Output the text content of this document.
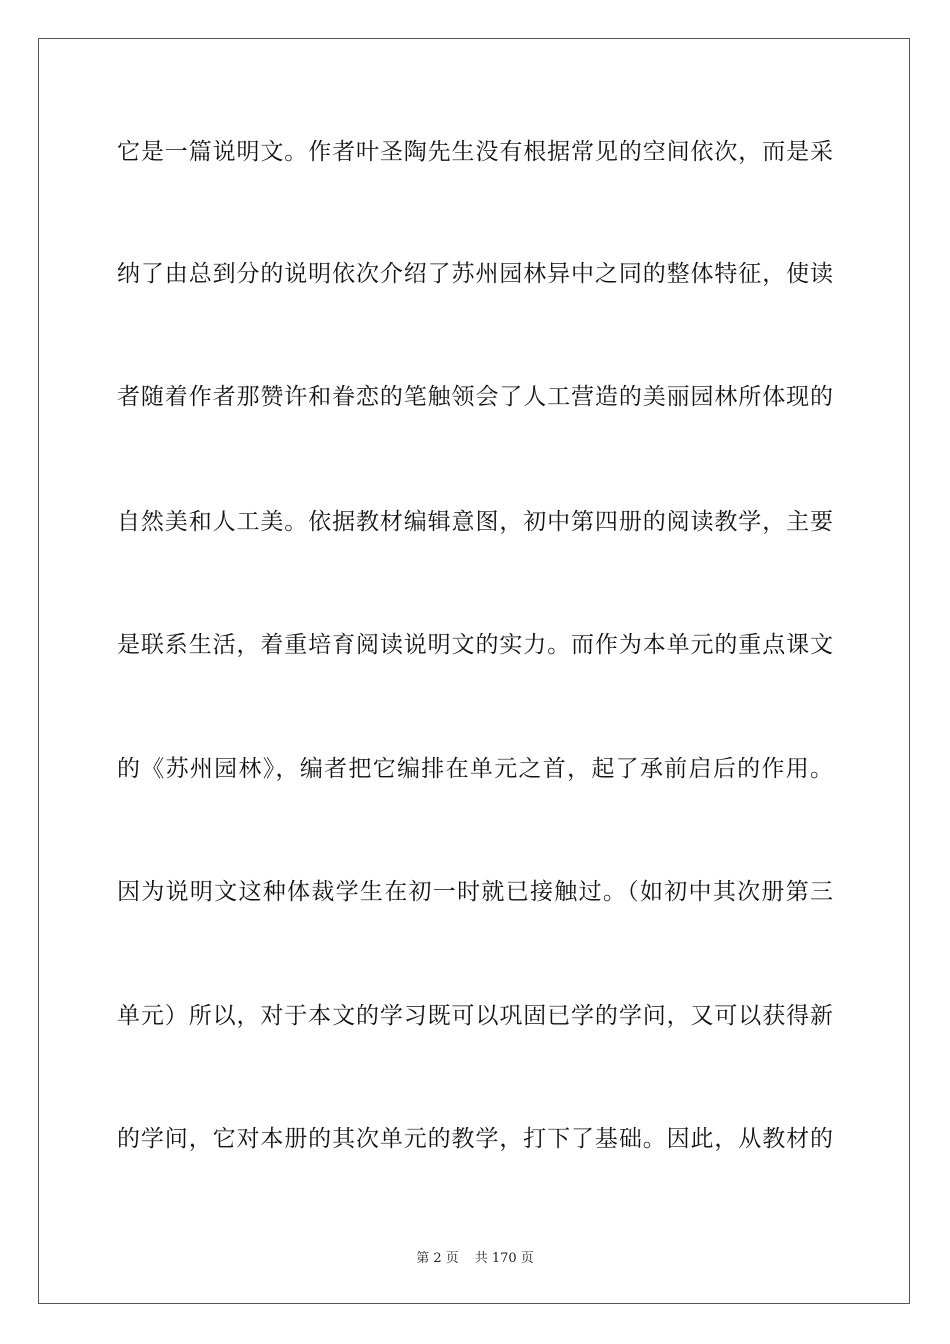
它是一篇说明文。作者叶圣陶先生没有根据常见的空间依次，而是采
纳了由总到分的说明依次介绍了苏州园林异中之同的整体特征，使读
者随着作者那赞许和眷恋的笔触领会了人工营造的美丽园林所体现的
自然美和人工美。依据教材编辑意图，初中第四册的阅读教学，主要
是联系生活，着重培育阅读说明文的实力。而作为本单元的重点课文
的《苏州园林》，编者把它编排在单元之首，起了承前启后的作用。
因为说明文这种体裁学生在初一时就已接触过。（如初中其次册第三
单元）所以，对于本文的学习既可以巩固已学的学问，又可以获得新
的学问，它对本册的其次单元的教学，打下了基础。因此，从教材的
第 2 页 共 170 页
